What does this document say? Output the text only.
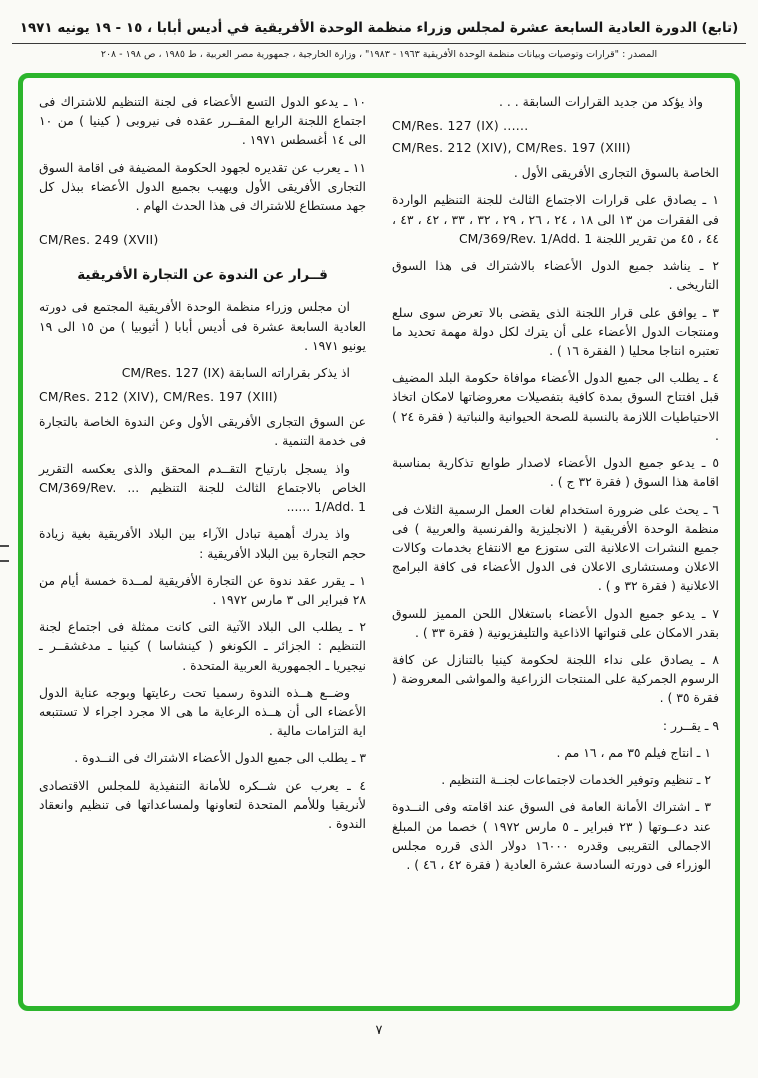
(تابع) الدورة العادية السابعة عشرة لمجلس وزراء منظمة الوحدة الأفريقية في أديس أبابا ، ١٥ - ١٩ يونيه ١٩٧١
المصدر : "قرارات وتوصيات وبيانات منظمة الوحدة الأفريقية ١٩٦٣ - ١٩٨٣" ، وزارة الخارجية ، جمهورية مصر العربية ، ط ١٩٨٥ ، ص ١٩٨ - ٢٠٨

واذ يؤكد من جديد القرارات السابقة . . .

CM/Res. 127 (IX) ......

CM/Res. 212 (XIV), CM/Res. 197 (XIII)

الخاصة بالسوق التجارى الأفريقى الأول .

١ ـ يصادق على قرارات الاجتماع الثالث للجنة التنظيم الواردة فى الفقرات من ١٣ الى ١٨ ، ٢٤ ، ٢٦ ، ٢٩ ، ٣٢ ، ٣٣ ، ٤٢ ، ٤٣ ، ٤٤ ، ٤٥ من تقرير اللجنة CM/369/Rev. 1/Add. 1

٢ ـ يناشد جميع الدول الأعضاء بالاشتراك فى هذا السوق التاريخى .

٣ ـ يوافق على قرار اللجنة الذى يقضى بالا تعرض سوى سلع ومنتجات الدول الأعضاء على أن يترك لكل دولة مهمة تحديد ما تعتبره انتاجا محليا ( الفقرة ١٦ ) .

٤ ـ يطلب الى جميع الدول الأعضاء موافاة حكومة البلد المضيف قبل افتتاح السوق بمدة كافية بتفصيلات معروضاتها لامكان اتخاذ الاحتياطيات اللازمة بالنسبة للصحة الحيوانية والنباتية ( فقرة ٢٤ ) .

٥ ـ يدعو جميع الدول الأعضاء لاصدار طوابع تذكارية بمناسبة اقامة هذا السوق ( فقرة ٣٢ ج ) .

٦ ـ يحث على ضرورة استخدام لغات العمل الرسمية الثلاث فى منظمة الوحدة الأفريقية ( الانجليزية والفرنسية والعربية ) فى جميع النشرات الاعلانية التى ستوزع مع الانتفاع بخدمات وكالات الاعلان ومستشارى الاعلان فى الدول الأعضاء فى كافة البرامج الاعلانية ( فقرة ٣٢ و ) .

٧ ـ يدعو جميع الدول الأعضاء باستغلال اللحن المميز للسوق بقدر الامكان على قنواتها الاذاعية والتليفزيونية ( فقرة ٣٣ ) .

٨ ـ يصادق على نداء اللجنة لحكومة كينيا بالتنازل عن كافة الرسوم الجمركية على المنتجات الزراعية والمواشى المعروضة ( فقرة ٣٥ ) .

٩ ـ يقــرر :

١ ـ انتاج فيلم ٣٥ مم ، ١٦ مم .

٢ ـ تنظيم وتوفير الخدمات لاجتماعات لجنــة التنظيم .

٣ ـ اشتراك الأمانة العامة فى السوق عند اقامته وفى النــدوة عند دعــوتها ( ٢٣ فبراير ـ ٥ مارس ١٩٧٢ ) خصما من المبلغ الاجمالى التقريبى وقدره ١٦٠٠٠ دولار الذى قرره مجلس الوزراء فى دورته السادسة عشرة العادية ( فقرة ٤٢ ، ٤٦ ) .

١٠ ـ يدعو الدول التسع الأعضاء فى لجنة التنظيم للاشتراك فى اجتماع اللجنة الرابع المقــرر عقده فى نيروبى ( كينيا ) من ١٠ الى ١٤ أغسطس ١٩٧١ .

١١ ـ يعرب عن تقديره لجهود الحكومة المضيفة فى اقامة السوق التجارى الأفريقى الأول ويهيب بجميع الدول الأعضاء ببذل كل جهد مستطاع للاشتراك فى هذا الحدث الهام .

CM/Res. 249 (XVII)

قــرار عن الندوة عن التجارة الأفريقية

ان مجلس وزراء منظمة الوحدة الأفريقية المجتمع فى دورته العادية السابعة عشرة فى أديس أبابا ( أثيوبيا ) من ١٥ الى ١٩ يونيو ١٩٧١ .

اذ يذكر بقراراته السابقة CM/Res. 127 (IX)

CM/Res. 212 (XIV), CM/Res. 197 (XIII)

عن السوق التجارى الأفريقى الأول وعن الندوة الخاصة بالتجارة فى خدمة التنمية .

واذ يسجل بارتياح التقــدم المحقق والذى يعكسه التقرير الخاص بالاجتماع الثالث للجنة التنظيم ... CM/369/Rev. 1/Add. 1 ......

واذ يدرك أهمية تبادل الآراء بين البلاد الأفريقية بغية زيادة حجم التجارة بين البلاد الأفريقية :

١ ـ يقرر عقد ندوة عن التجارة الأفريقية لمــدة خمسة أيام من ٢٨ فبراير الى ٣ مارس ١٩٧٢ .

٢ ـ يطلب الى البلاد الآتية التى كانت ممثلة فى اجتماع لجنة التنظيم : الجزائر ـ الكونغو ( كينشاسا ) كينيا ـ مدغشقــر ـ نيجيريا ـ الجمهورية العربية المتحدة .

وضــع هــذه الندوة رسميا تحت رعايتها وبوجه عناية الدول الأعضاء الى أن هــذه الرعاية ما هى الا مجرد اجراء لا تستتبعه اية التزامات مالية .

٣ ـ يطلب الى جميع الدول الأعضاء الاشتراك فى النــدوة .

٤ ـ يعرب عن شــكره للأمانة التنفيذية للمجلس الاقتصادى لأنريقيا وللأمم المتحدة لتعاونها ولمساعداتها فى تنظيم وانعقاد الندوة .

٧
